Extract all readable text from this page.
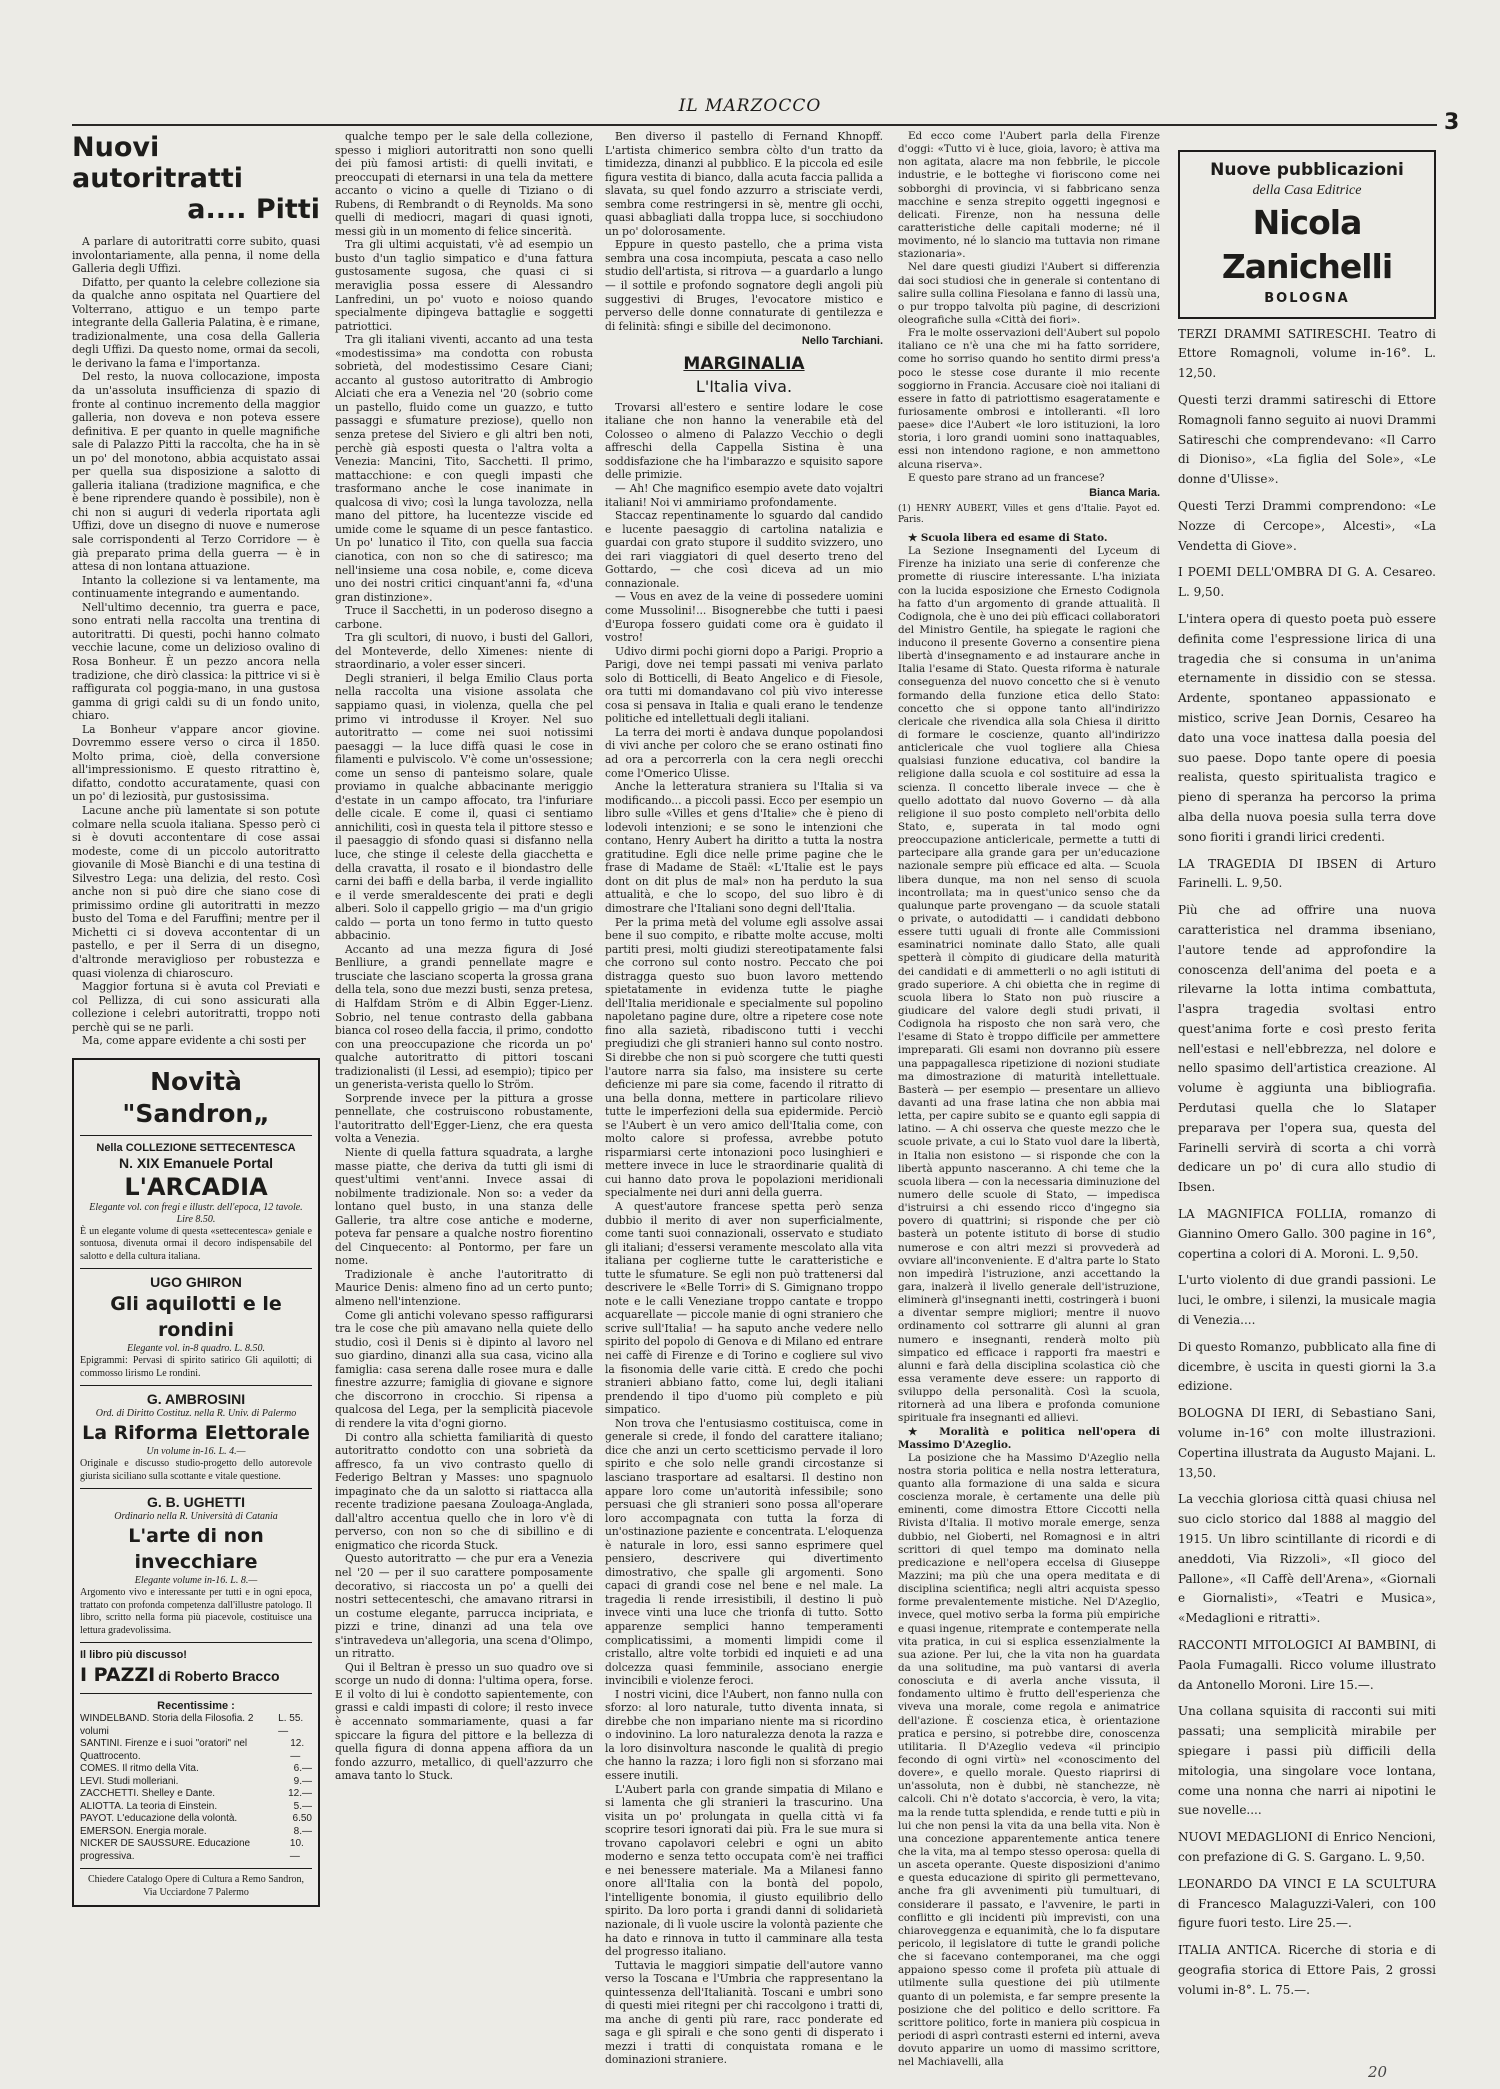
IL MARZOCCO
3
Nuovi autoritratti
a.... Pitti

A parlare di autoritratti corre subito, quasi involontariamente, alla penna, il nome della Galleria degli Uffizi.

Difatto, per quanto la celebre collezione sia da qualche anno ospitata nel Quartiere del Volterrano, attiguo e un tempo parte integrante della Galleria Palatina, è e rimane, tradizionalmente, una cosa della Galleria degli Uffizi. Da questo nome, ormai da secoli, le derivano la fama e l'importanza.

Del resto, la nuova collocazione, imposta da un'assoluta insufficienza di spazio di fronte al continuo incremento della maggior galleria, non doveva e non poteva essere definitiva. E per quanto in quelle magnifiche sale di Palazzo Pitti la raccolta, che ha in sè un po' del monotono, abbia acquistato assai per quella sua disposizione a salotto di galleria italiana (tradizione magnifica, e che è bene riprendere quando è possibile), non è chi non si auguri di vederla riportata agli Uffizi, dove un disegno di nuove e numerose sale corrispondenti al Terzo Corridore — è già preparato prima della guerra — è in attesa di non lontana attuazione.

Intanto la collezione si va lentamente, ma continuamente integrando e aumentando.

Nell'ultimo decennio, tra guerra e pace, sono entrati nella raccolta una trentina di autoritratti. Di questi, pochi hanno colmato vecchie lacune, come un delizioso ovalino di Rosa Bonheur. È un pezzo ancora nella tradizione, che dirò classica: la pittrice vi si è raffigurata col poggia-mano, in una gustosa gamma di grigi caldi su di un fondo unito, chiaro.

La Bonheur v'appare ancor giovine. Dovremmo essere verso o circa il 1850. Molto prima, cioè, della conversione all'impressionismo. E questo ritrattino è, difatto, condotto accuratamente, quasi con un po' di leziosità, pur gustosissima.

Lacune anche più lamentate si son potute colmare nella scuola italiana. Spesso però ci si è dovuti accontentare di cose assai modeste, come di un piccolo autoritratto giovanile di Mosè Bianchi e di una testina di Silvestro Lega: una delizia, del resto. Così anche non si può dire che siano cose di primissimo ordine gli autoritratti in mezzo busto del Toma e del Faruffini; mentre per il Michetti ci si doveva accontentar di un pastello, e per il Serra di un disegno, d'altronde meraviglioso per robustezza e quasi violenza di chiaroscuro.

Maggior fortuna si è avuta col Previati e col Pellizza, di cui sono assicurati alla collezione i celebri autoritratti, troppo noti perchè qui se ne parli.

Ma, come appare evidente a chi sosti per

Novità "Sandron„
Nella COLLEZIONE SETTECENTESCA
N. XIX Emanuele Portal
L'ARCADIA
Elegante vol. con fregi e illustr. dell'epoca, 12 tavole. Lire 8.50.
È un elegante volume di questa «settecentesca» geniale e sontuosa, divenuta ormai il decoro indispensabile del salotto e della cultura italiana.
UGO GHIRON
Gli aquilotti e le rondini
Elegante vol. in-8 quadro. L. 8.50.
Epigrammi: Pervasi di spirito satirico Gli aquilotti; di commosso lirismo Le rondini.
G. AMBROSINI
Ord. di Diritto Costituz. nella R. Univ. di Palermo
La Riforma Elettorale
Un volume in-16. L. 4.—
Originale e discusso studio-progetto dello autorevole giurista siciliano sulla scottante e vitale questione.
G. B. UGHETTI
Ordinario nella R. Università di Catania
L'arte di non invecchiare
Elegante volume in-16. L. 8.—
Argomento vivo e interessante per tutti e in ogni epoca, trattato con profonda competenza dall'illustre patologo. Il libro, scritto nella forma più piacevole, costituisce una lettura gradevolissima.
Il libro più discusso!
I PAZZI di Roberto Bracco
Recentissime :
WINDELBAND. Storia della Filosofia. 2 volumi
L. 55.—
SANTINI. Firenze e i suoi "oratori" nel Quattrocento.
12.—
COMES. Il ritmo della Vita.	6.—
LEVI. Studi molleriani.	9.—
ZACCHETTI. Shelley e Dante.	12.—
ALIOTTA. La teoria di Einstein.	5.—
PAYOT. L'educazione della volontà.	6.50
EMERSON. Energia morale.	8.—
NICKER DE SAUSSURE. Educazione progressiva.
10.—
Chiedere Catalogo Opere di Cultura a Remo Sandron, Via Ucciardone 7 Palermo

qualche tempo per le sale della collezione, spesso i migliori autoritratti non sono quelli dei più famosi artisti: di quelli invitati, e preoccupati di eternarsi in una tela da mettere accanto o vicino a quelle di Tiziano o di Rubens, di Rembrandt o di Reynolds. Ma sono quelli di mediocri, magari di quasi ignoti, messi giù in un momento di felice sincerità.

Tra gli ultimi acquistati, v'è ad esempio un busto d'un taglio simpatico e d'una fattura gustosamente sugosa, che quasi ci si meraviglia possa essere di Alessandro Lanfredini, un po' vuoto e noioso quando specialmente dipingeva battaglie e soggetti patriottici.

Tra gli italiani viventi, accanto ad una testa «modestissima» ma condotta con robusta sobrietà, del modestissimo Cesare Ciani; accanto al gustoso autoritratto di Ambrogio Alciati che era a Venezia nel '20 (sobrio come un pastello, fluido come un guazzo, e tutto passaggi e sfumature preziose), quello non senza pretese del Siviero e gli altri ben noti, perchè già esposti questa o l'altra volta a Venezia: Mancini, Tito, Sacchetti. Il primo, mattacchione: e con quegli impasti che trasformano anche le cose inanimate in qualcosa di vivo; così la lunga tavolozza, nella mano del pittore, ha lucentezze viscide ed umide come le squame di un pesce fantastico. Un po' lunatico il Tito, con quella sua faccia cianotica, con non so che di satiresco; ma nell'insieme una cosa nobile, e, come diceva uno dei nostri critici cinquant'anni fa, «d'una gran distinzione».

Truce il Sacchetti, in un poderoso disegno a carbone.

Tra gli scultori, di nuovo, i busti del Gallori, del Monteverde, dello Ximenes: niente di straordinario, a voler esser sinceri.

Degli stranieri, il belga Emilio Claus porta nella raccolta una visione assolata che sappiamo quasi, in violenza, quella che pel primo vi introdusse il Kroyer. Nel suo autoritratto — come nei suoi notissimi paesaggi — la luce diffà quasi le cose in filamenti e pulviscolo. V'è come un'ossessione; come un senso di panteismo solare, quale proviamo in qualche abbacinante meriggio d'estate in un campo affocato, tra l'infuriare delle cicale. E come il, quasi ci sentiamo annichiliti, così in questa tela il pittore stesso e il paesaggio di sfondo quasi si disfanno nella luce, che stinge il celeste della giacchetta e della cravatta, il rosato e il biondastro delle carni dei baffi e della barba, il verde ingiallito e il verde smeraldescente dei prati e degli alberi. Solo il cappello grigio — ma d'un grigio caldo — porta un tono fermo in tutto questo abbacinio.

Accanto ad una mezza figura di José Benlliure, a grandi pennellate magre e trusciate che lasciano scoperta la grossa grana della tela, sono due mezzi busti, senza pretesa, di Halfdam Ström e di Albin Egger-Lienz. Sobrio, nel tenue contrasto della gabbana bianca col roseo della faccia, il primo, condotto con una preoccupazione che ricorda un po' qualche autoritratto di pittori toscani tradizionalisti (il Lessi, ad esempio); tipico per un generista-verista quello lo Ström.

Sorprende invece per la pittura a grosse pennellate, che costruiscono robustamente, l'autoritratto dell'Egger-Lienz, che era questa volta a Venezia.

Niente di quella fattura squadrata, a larghe masse piatte, che deriva da tutti gli ismi di quest'ultimi vent'anni. Invece assai di nobilmente tradizionale. Non so: a veder da lontano quel busto, in una stanza delle Gallerie, tra altre cose antiche e moderne, poteva far pensare a qualche nostro fiorentino del Cinquecento: al Pontormo, per fare un nome.

Tradizionale è anche l'autoritratto di Maurice Denis: almeno fino ad un certo punto; almeno nell'intenzione.

Come gli antichi volevano spesso raffigurarsi tra le cose che più amavano nella quiete dello studio, così il Denis si è dipinto al lavoro nel suo giardino, dinanzi alla sua casa, vicino alla famiglia: casa serena dalle rosee mura e dalle finestre azzurre; famiglia di giovane e signore che discorrono in crocchio. Si ripensa a qualcosa del Lega, per la semplicità piacevole di rendere la vita d'ogni giorno.

Di contro alla schietta familiarità di questo autoritratto condotto con una sobrietà da affresco, fa un vivo contrasto quello di Federigo Beltran y Masses: uno spagnuolo impaginato che da un salotto si riattacca alla recente tradizione paesana Zouloaga-Anglada, dall'altro accentua quello che in loro v'è di perverso, con non so che di sibillino e di enigmatico che ricorda Stuck.

Questo autoritratto — che pur era a Venezia nel '20 — per il suo carattere pomposamente decorativo, si riaccosta un po' a quelli dei nostri settecenteschi, che amavano ritrarsi in un costume elegante, parrucca incipriata, e pizzi e trine, dinanzi ad una tela ove s'intravedeva un'allegoria, una scena d'Olimpo, un ritratto.

Qui il Beltran è presso un suo quadro ove si scorge un nudo di donna: l'ultima opera, forse. E il volto di lui è condotto sapientemente, con grassi e caldi impasti di colore; il resto invece è accennato sommariamente, quasi a far spiccare la figura del pittore e la bellezza di quella figura di donna appena affiora da un fondo azzurro, metallico, di quell'azzurro che amava tanto lo Stuck.

Ben diverso il pastello di Fernand Khnopff. L'artista chimerico sembra còlto d'un tratto da timidezza, dinanzi al pubblico. E la piccola ed esile figura vestita di bianco, dalla acuta faccia pallida a slavata, su quel fondo azzurro a strisciate verdi, sembra come restringersi in sè, mentre gli occhi, quasi abbagliati dalla troppa luce, si socchiudono un po' dolorosamente.

Eppure in questo pastello, che a prima vista sembra una cosa incompiuta, pescata a caso nello studio dell'artista, si ritrova — a guardarlo a lungo — il sottile e profondo sognatore degli angoli più suggestivi di Bruges, l'evocatore mistico e perverso delle donne connaturate di gentilezza e di felinità: sfingi e sibille del decimonono.

Nello Tarchiani.
MARGINALIA
L'Italia viva.

Trovarsi all'estero e sentire lodare le cose italiane che non hanno la venerabile età del Colosseo o almeno di Palazzo Vecchio o degli affreschi della Cappella Sistina è una soddisfazione che ha l'imbarazzo e squisito sapore delle primizie.

— Ah! Che magnifico esempio avete dato vojaltri italiani! Noi vi ammiriamo profondamente.

Staccaz repentinamente lo sguardo dal candido e lucente paesaggio di cartolina natalizia e guardai con grato stupore il suddito svizzero, uno dei rari viaggiatori di quel deserto treno del Gottardo, — che così diceva ad un mio connazionale.

— Vous en avez de la veine di possedere uomini come Mussolini!... Bisognerebbe che tutti i paesi d'Europa fossero guidati come ora è guidato il vostro!

Udivo dirmi pochi giorni dopo a Parigi. Proprio a Parigi, dove nei tempi passati mi veniva parlato solo di Botticelli, di Beato Angelico e di Fiesole, ora tutti mi domandavano col più vivo interesse cosa si pensava in Italia e quali erano le tendenze politiche ed intellettuali degli italiani.

La terra dei morti è andava dunque popolandosi di vivi anche per coloro che se erano ostinati fino ad ora a percorrerla con la cera negli orecchi come l'Omerico Ulisse.

Anche la letteratura straniera su l'Italia si va modificando... a piccoli passi. Ecco per esempio un libro sulle «Villes et gens d'Italie» che è pieno di lodevoli intenzioni; e se sono le intenzioni che contano, Henry Aubert ha diritto a tutta la nostra gratitudine. Egli dice nelle prime pagine che le frase di Madame de Staël: «L'Italie est le pays dont on dit plus de mal» non ha perduto la sua attualità, e che lo scopo, del suo libro è di dimostrare che l'Italiani sono degni dell'Italia.

Per la prima metà del volume egli assolve assai bene il suo compito, e ribatte molte accuse, molti partiti presi, molti giudizi stereotipatamente falsi che corrono sul conto nostro. Peccato che poi distragga questo suo buon lavoro mettendo spietatamente in evidenza tutte le piaghe dell'Italia meridionale e specialmente sul popolino napoletano pagine dure, oltre a ripetere cose note fino alla sazietà, ribadiscono tutti i vecchi pregiudizi che gli stranieri hanno sul conto nostro. Si direbbe che non si può scorgere che tutti questi l'autore narra sia falso, ma insistere su certe deficienze mi pare sia come, facendo il ritratto di una bella donna, mettere in particolare rilievo tutte le imperfezioni della sua epidermide. Perciò se l'Aubert è un vero amico dell'Italia come, con molto calore si professa, avrebbe potuto risparmiarsi certe intonazioni poco lusinghieri e mettere invece in luce le straordinarie qualità di cui hanno dato prova le popolazioni meridionali specialmente nei duri anni della guerra.

A quest'autore francese spetta però senza dubbio il merito di aver non superficialmente, come tanti suoi connazionali, osservato e studiato gli italiani; d'essersi veramente mescolato alla vita italiana per coglierne tutte le caratteristiche e tutte le sfumature. Se egli non può trattenersi dal descrivere le «Belle Torri» di S. Gimignano troppo note e le calli Veneziane troppo cantate e troppo acquarellate — piccole manie di ogni straniero che scrive sull'Italia! — ha saputo anche vedere nello spirito del popolo di Genova e di Milano ed entrare nei caffè di Firenze e di Torino e cogliere sul vivo la fisonomia delle varie città. E credo che pochi stranieri abbiano fatto, come lui, degli italiani prendendo il tipo d'uomo più completo e più simpatico.

Non trova che l'entusiasmo costituisca, come in generale si crede, il fondo del carattere italiano; dice che anzi un certo scetticismo pervade il loro spirito e che solo nelle grandi circostanze si lasciano trasportare ad esaltarsi. Il destino non appare loro come un'autorità infessibile; sono persuasi che gli stranieri sono possa all'operare loro accompagnata con tutta la forza di un'ostinazione paziente e concentrata. L'eloquenza è naturale in loro, essi sanno esprimere quel pensiero, descrivere qui divertimento dimostrativo, che spalle gli argomenti. Sono capaci di grandi cose nel bene e nel male. La tragedia li rende irresistibili, il destino li può invece vinti una luce che trionfa di tutto. Sotto apparenze semplici hanno temperamenti complicatissimi, a momenti limpidi come il cristallo, altre volte torbidi ed inquieti e ad una dolcezza quasi femminile, associano energie invincibili e violenze feroci.

I nostri vicini, dice l'Aubert, non fanno nulla con sforzo: al loro naturale, tutto diventa innata, si direbbe che non impariano niente ma si ricordino o indovinino. La loro naturalezza denota la razza e la loro disinvoltura nasconde le qualità di pregio che hanno la razza; i loro figli non si sforzano mai essere inutili.

L'Aubert parla con grande simpatia di Milano e si lamenta che gli stranieri la trascurino. Una visita un po' prolungata in quella città vi fa scoprire tesori ignorati dai più. Fra le sue mura si trovano capolavori celebri e ogni un abito moderno e senza tetto occupata com'è nei traffici e nei benessere materiale. Ma a Milanesi fanno onore all'Italia con la bontà del popolo, l'intelligente bonomia, il giusto equilibrio dello spirito. Da loro porta i grandi danni di solidarietà nazionale, di lì vuole uscire la volontà paziente che ha dato e rinnova in tutto il camminare alla testa del progresso italiano.

Tuttavia le maggiori simpatie dell'autore vanno verso la Toscana e l'Umbria che rappresentano la quintessenza dell'Italianità. Toscani e umbri sono di questi miei ritegni per chi raccolgono i tratti di, ma anche di genti più rare, racc ponderate ed saga e gli spirali e che sono genti di disperato i mezzi i tratti di conquistata romana e le dominazioni straniere.

Ed ecco come l'Aubert parla della Firenze d'oggi: «Tutto vi è luce, gioia, lavoro; è attiva ma non agitata, alacre ma non febbrile, le piccole industrie, e le botteghe vi fioriscono come nei sobborghi di provincia, vi si fabbricano senza macchine e senza strepito oggetti ingegnosi e delicati. Firenze, non ha nessuna delle caratteristiche delle capitali moderne; né il movimento, né lo slancio ma tuttavia non rimane stazionaria».

Nel dare questi giudizi l'Aubert si differenzia dai soci studiosi che in generale si contentano di salire sulla collina Fiesolana e fanno di lassù una, o pur troppo talvolta più pagine, di descrizioni oleografiche sulla «Città dei fiori».

Fra le molte osservazioni dell'Aubert sul popolo italiano ce n'è una che mi ha fatto sorridere, come ho sorriso quando ho sentito dirmi press'a poco le stesse cose durante il mio recente soggiorno in Francia. Accusare cioè noi italiani di essere in fatto di patriottismo esageratamente e furiosamente ombrosi e intolleranti. «Il loro paese» dice l'Aubert «le loro istituzioni, la loro storia, i loro grandi uomini sono inattaquables, essi non intendono ragione, e non ammettono alcuna riserva».

E questo pare strano ad un francese?

Bianca Maria.
(1) HENRY AUBERT, Villes et gens d'Italie. Payot ed. Paris.

★ Scuola libera ed esame di Stato.

La Sezione Insegnamenti del Lyceum di Firenze ha iniziato una serie di conferenze che promette di riuscire interessante. L'ha iniziata con la lucida esposizione che Ernesto Codignola ha fatto d'un argomento di grande attualità. Il Codignola, che è uno dei più efficaci collaboratori del Ministro Gentile, ha spiegate le ragioni che inducono il presente Governo a consentire piena libertà d'insegnamento e ad instaurare anche in Italia l'esame di Stato. Questa riforma è naturale conseguenza del nuovo concetto che si è venuto formando della funzione etica dello Stato: concetto che si oppone tanto all'indirizzo clericale che rivendica alla sola Chiesa il diritto di formare le coscienze, quanto all'indirizzo anticlericale che vuol togliere alla Chiesa qualsiasi funzione educativa, col bandire la religione dalla scuola e col sostituire ad essa la scienza. Il concetto liberale invece — che è quello adottato dal nuovo Governo — dà alla religione il suo posto completo nell'orbita dello Stato, e, superata in tal modo ogni preoccupazione anticlericale, permette a tutti di partecipare alla grande gara per un'educazione nazionale sempre più efficace ed alta. — Scuola libera dunque, ma non nel senso di scuola incontrollata; ma in quest'unico senso che da qualunque parte provengano — da scuole statali o private, o autodidatti — i candidati debbono essere tutti uguali di fronte alle Commissioni esaminatrici nominate dallo Stato, alle quali spetterà il còmpito di giudicare della maturità dei candidati e di ammetterli o no agli istituti di grado superiore. A chi obietta che in regime di scuola libera lo Stato non può riuscire a giudicare del valore degli studi privati, il Codignola ha risposto che non sarà vero, che l'esame di Stato è troppo difficile per ammettere impreparati. Gli esami non dovranno più essere una pappagallesca ripetizione di nozioni studiate ma dimostrazione di maturità intellettuale. Basterà — per esempio — presentare un allievo davanti ad una frase latina che non abbia mai letta, per capire subito se e quanto egli sappia di latino. — A chi osserva che queste mezzo che le scuole private, a cui lo Stato vuol dare la libertà, in Italia non esistono — si risponde che con la libertà appunto nasceranno. A chi teme che la scuola libera — con la necessaria diminuzione del numero delle scuole di Stato, — impedisca d'istruirsi a chi essendo ricco d'ingegno sia povero di quattrini; si risponde che per ciò basterà un potente istituto di borse di studio numerose e con altri mezzi si provvederà ad ovviare all'inconveniente. E d'altra parte lo Stato non impedirà l'istruzione, anzi accettando la gara, inalzerà il livello generale dell'istruzione, eliminerà gl'insegnanti inetti, costringerà i buoni a diventar sempre migliori; mentre il nuovo ordinamento col sottrarre gli alunni al gran numero e insegnanti, renderà molto più simpatico ed efficace i rapporti fra maestri e alunni e farà della disciplina scolastica ciò che essa veramente deve essere: un rapporto di sviluppo della personalità. Così la scuola, ritornerà ad una libera e profonda comunione spirituale fra insegnanti ed allievi.

★ Moralità e politica nell'opera di Massimo D'Azeglio.

La posizione che ha Massimo D'Azeglio nella nostra storia politica e nella nostra letteratura, quanto alla formazione di una salda e sicura coscienza morale, è certamente una delle più eminenti, come dimostra Ettore Ciccotti nella Rivista d'Italia. Il motivo morale emerge, senza dubbio, nel Gioberti, nel Romagnosi e in altri scrittori di quel tempo ma dominato nella predicazione e nell'opera eccelsa di Giuseppe Mazzini; ma più che una opera meditata e di disciplina scientifica; negli altri acquista spesso forme prevalentemente mistiche. Nel D'Azeglio, invece, quel motivo serba la forma più empiriche e quasi ingenue, ritemprate e contemperate nella vita pratica, in cui si esplica essenzialmente la sua azione. Per lui, che la vita non ha guardata da una solitudine, ma può vantarsi di averla conosciuta e di averla anche vissuta, il fondamento ultimo è frutto dell'esperienza che viveva una morale, come regola e animatrice dell'azione. È coscienza etica, è orientazione pratica e persino, si potrebbe dire, conoscenza utilitaria. Il D'Azeglio vedeva «il principio fecondo di ogni virtù» nel «conoscimento del dovere», e quello morale. Questo riaprirsi di un'assoluta, non è dubbi, nè stanchezze, nè calcoli. Chi n'è dotato s'accorcia, è vero, la vita; ma la rende tutta splendida, e rende tutti e più in lui che non pensi la vita da una bella vita. Non è una concezione apparentemente antica tenere che la vita, ma al tempo stesso operosa: quella di un asceta operante. Queste disposizioni d'animo e questa educazione di spirito gli permettevano, anche fra gli avvenimenti più tumultuari, di considerare il passato, e l'avvenire, le parti in conflitto e gli incidenti più imprevisti, con una chiaroveggenza e equanimità, che lo fa disputare pericolo, il legislatore di tutte le grandi poliche che si facevano contemporanei, ma che oggi appaiono spesso come il profeta più attuale di utilmente sulla questione dei più utilmente quanto di un polemista, e far sempre presente la posizione che del politico e dello scrittore. Fa scrittore politico, forte in maniera più cospicua in periodi di asprì contrasti esterni ed interni, aveva dovuto apparire un uomo di massimo scrittore, nel Machiavelli, alla

Nuove pubblicazioni
della Casa Editrice
Nicola Zanichelli
BOLOGNA

TERZI DRAMMI SATIRESCHI. Teatro di Ettore Romagnoli, volume in-16°. L. 12,50.

Questi terzi drammi satireschi di Ettore Romagnoli fanno seguito ai nuovi Drammi Satireschi che comprendevano: «Il Carro di Dioniso», «La figlia del Sole», «Le donne d'Ulisse».

Questi Terzi Drammi comprendono: «Le Nozze di Cercope», Alcesti», «La Vendetta di Giove».

I POEMI DELL'OMBRA DI G. A. Cesareo. L. 9,50.

L'intera opera di questo poeta può essere definita come l'espressione lirica di una tragedia che si consuma in un'anima eternamente in dissidio con se stessa. Ardente, spontaneo appassionato e mistico, scrive Jean Dornis, Cesareo ha dato una voce inattesa dalla poesia del suo paese. Dopo tante opere di poesia realista, questo spiritualista tragico e pieno di speranza ha percorso la prima alba della nuova poesia sulla terra dove sono fioriti i grandi lirici credenti.

LA TRAGEDIA DI IBSEN di Arturo Farinelli. L. 9,50.

Più che ad offrire una nuova caratteristica nel dramma ibseniano, l'autore tende ad approfondire la conoscenza dell'anima del poeta e a rilevarne la lotta intima combattuta, l'aspra tragedia svoltasi entro quest'anima forte e così presto ferita nell'estasi e nell'ebbrezza, nel dolore e nello spasimo dell'artistica creazione. Al volume è aggiunta una bibliografia. Perdutasi quella che lo Slataper preparava per l'opera sua, questa del Farinelli servirà di scorta a chi vorrà dedicare un po' di cura allo studio di Ibsen.

LA MAGNIFICA FOLLIA, romanzo di Giannino Omero Gallo. 300 pagine in 16°, copertina a colori di A. Moroni. L. 9,50.

L'urto violento di due grandi passioni. Le luci, le ombre, i silenzi, la musicale magia di Venezia....

Di questo Romanzo, pubblicato alla fine di dicembre, è uscita in questi giorni la 3.a edizione.

BOLOGNA DI IERI, di Sebastiano Sani, volume in-16° con molte illustrazioni. Copertina illustrata da Augusto Majani. L. 13,50.

La vecchia gloriosa città quasi chiusa nel suo ciclo storico dal 1888 al maggio del 1915. Un libro scintillante di ricordi e di aneddoti, Via Rizzoli», «Il gioco del Pallone», «Il Caffè dell'Arena», «Giornali e Giornalisti», «Teatri e Musica», «Medaglioni e ritratti».

RACCONTI MITOLOGICI AI BAMBINI, di Paola Fumagalli. Ricco volume illustrato da Antonello Moroni. Lire 15.—.

Una collana squisita di racconti sui miti passati; una semplicità mirabile per spiegare i passi più difficili della mitologia, una singolare voce lontana, come una nonna che narri ai nipotini le sue novelle....

NUOVI MEDAGLIONI di Enrico Nencioni, con prefazione di G. S. Gargano. L. 9,50.

LEONARDO DA VINCI E LA SCULTURA di Francesco Malaguzzi-Valeri, con 100 figure fuori testo. Lire 25.—.

ITALIA ANTICA. Ricerche di storia e di geografia storica di Ettore Pais, 2 grossi volumi in-8°. L. 75.—.

20
